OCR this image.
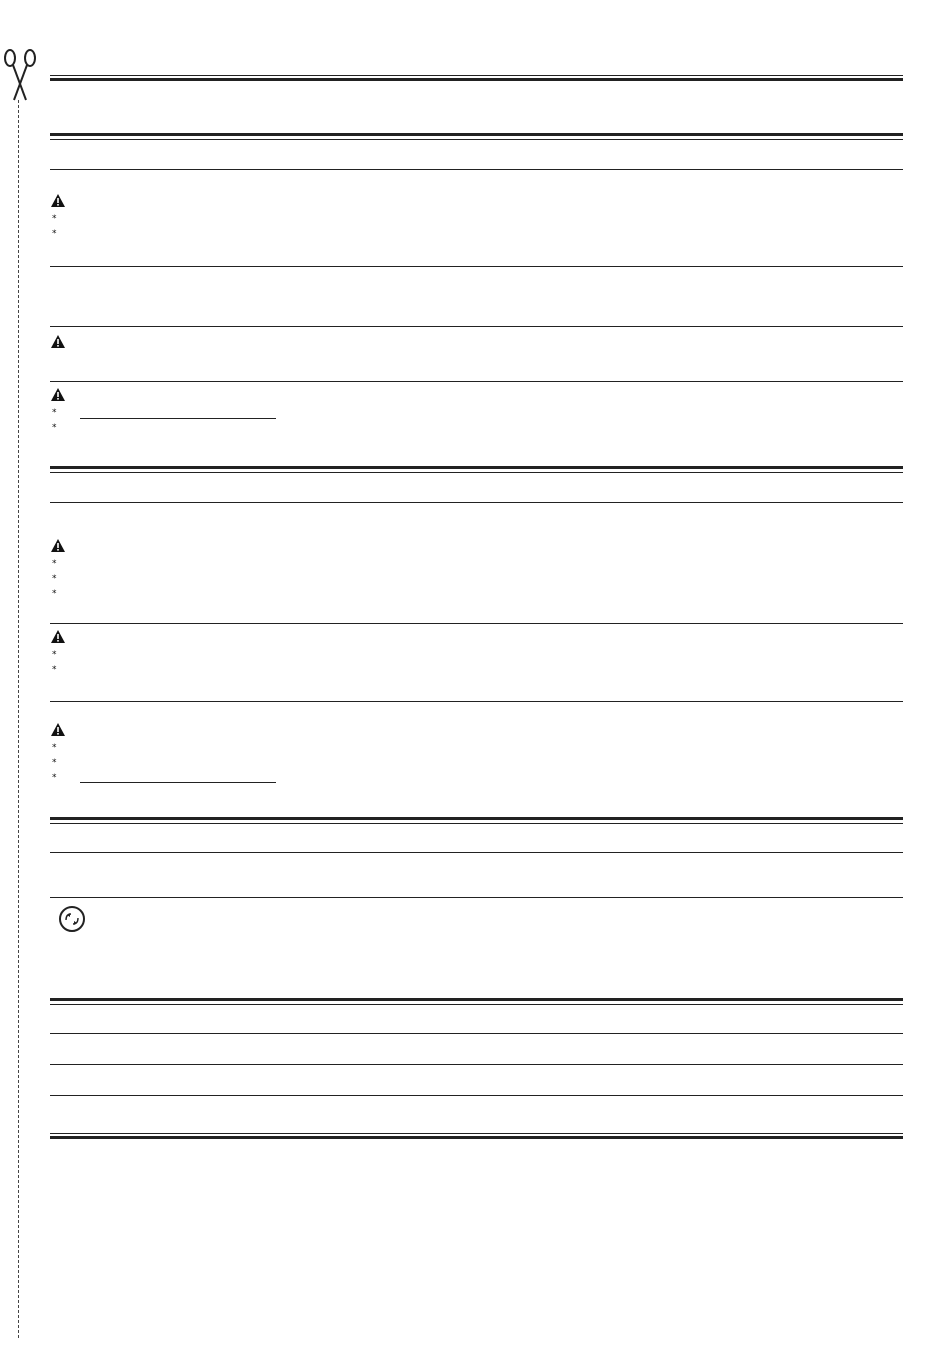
⁎
⁎
⁎
⁎
⁎
⁎
⁎
⁎
⁎
⁎
⁎
⁎
